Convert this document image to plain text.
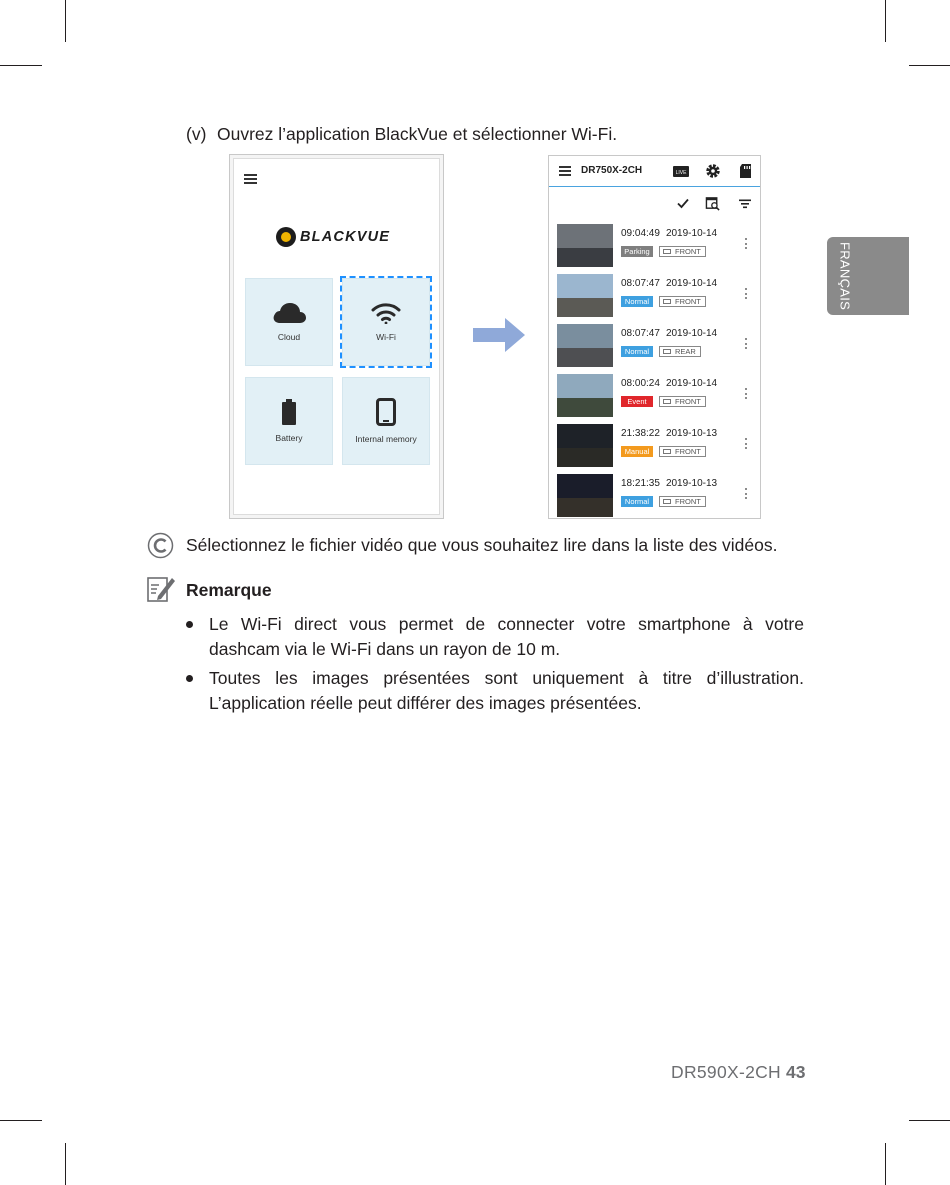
FRANÇAIS
(v) Ouvrez l’application BlackVue et sélectionner Wi-Fi.
BLACKVUE
Cloud	Wi-Fi
Battery	Internal memory
DR750X-2CH	LIVE
09:04:49 2019-10-14
Parking	FRONT
08:07:47 2019-10-14
Normal	FRONT
08:07:47 2019-10-14
Normal	REAR
08:00:24 2019-10-14
Event	FRONT
21:38:22 2019-10-13
Manual	FRONT
18:21:35 2019-10-13
Normal	FRONT
Sélectionnez le fichier vidéo que vous souhaitez lire dans la liste des vidéos.
Remarque
Le Wi-Fi direct vous permet de connecter votre smartphone à votre dashcam via le Wi-Fi dans un rayon de 10 m.
Toutes les images présentées sont uniquement à titre d’illustration.
L’application réelle peut différer des images présentées.
DR590X-2CH 43
